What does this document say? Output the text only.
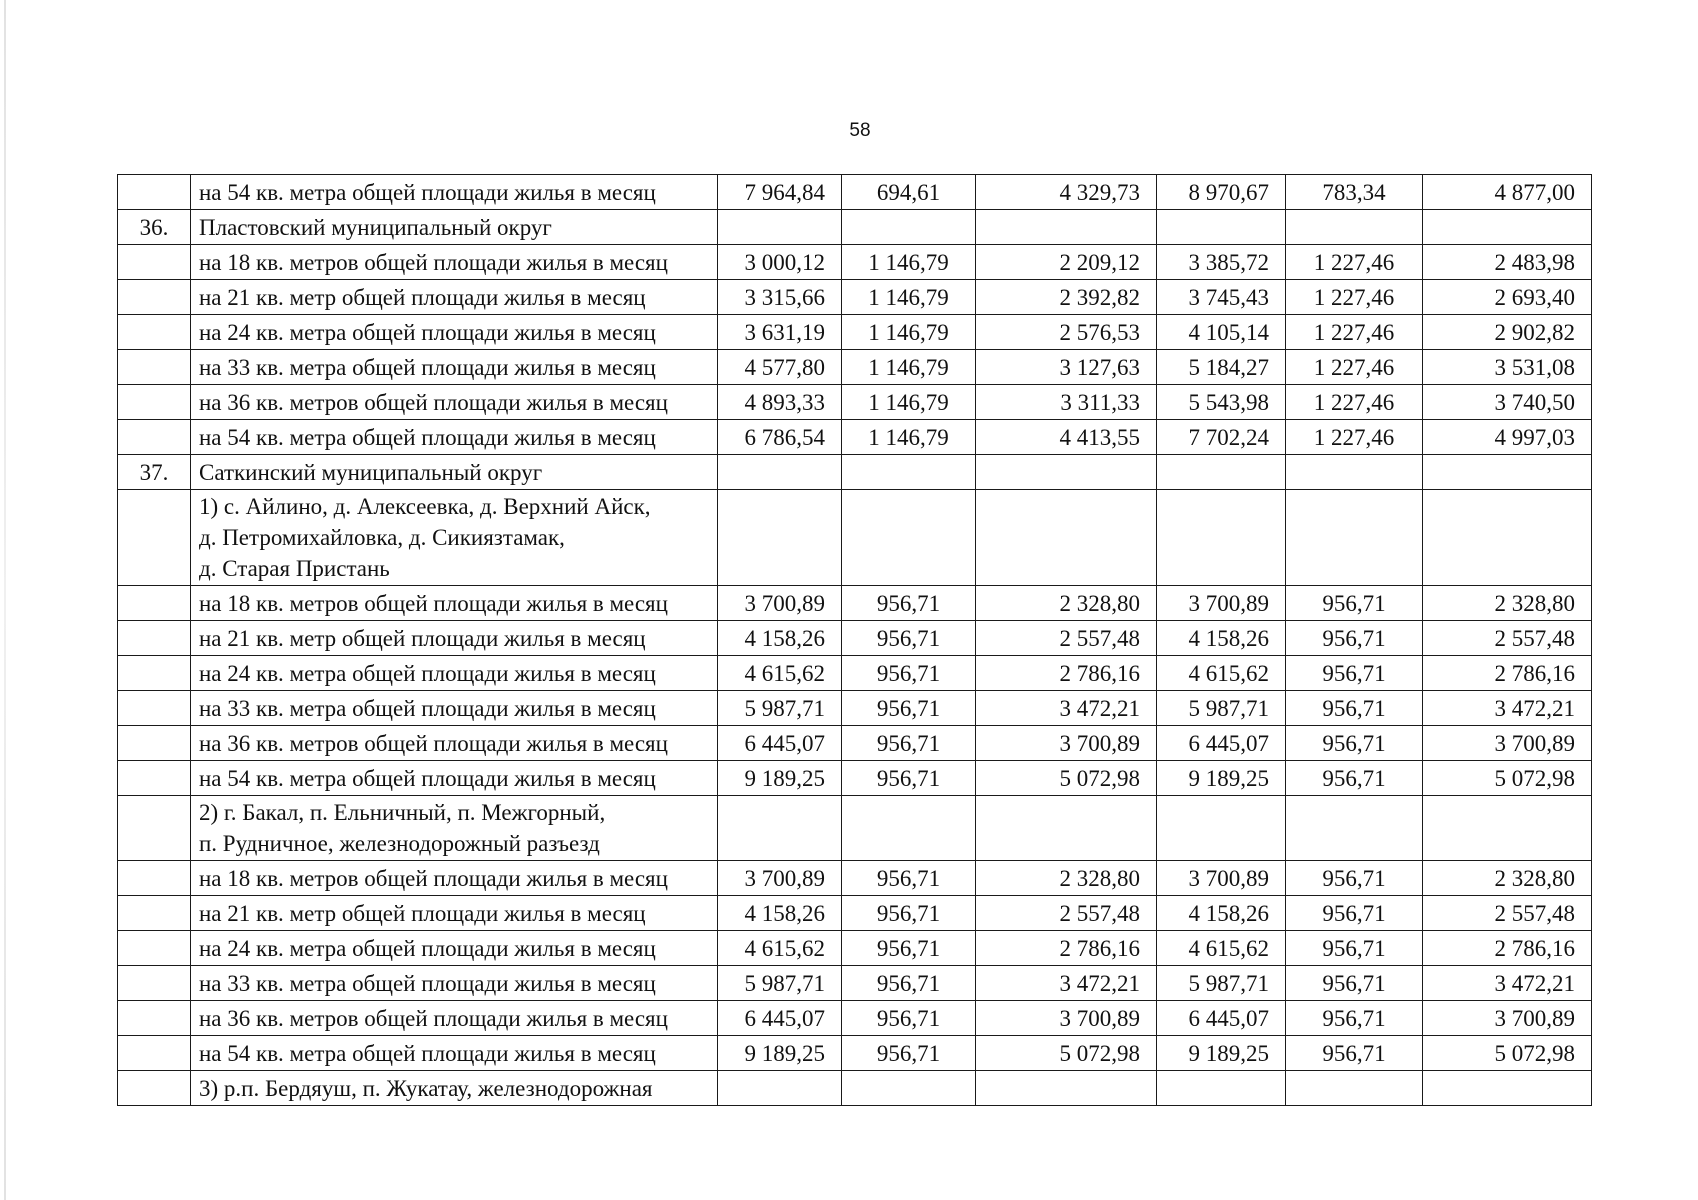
58
	на 54 кв. метра общей площади жилья в месяц	7 964,84	694,61	4 329,73	8 970,67	783,34	4 877,00
36.	Пластовский муниципальный округ						
	на 18 кв. метров общей площади жилья в месяц	3 000,12	1 146,79	2 209,12	3 385,72	1 227,46	2 483,98
	на 21 кв. метр общей площади жилья в месяц	3 315,66	1 146,79	2 392,82	3 745,43	1 227,46	2 693,40
	на 24 кв. метра общей площади жилья в месяц	3 631,19	1 146,79	2 576,53	4 105,14	1 227,46	2 902,82
	на 33 кв. метра общей площади жилья в месяц	4 577,80	1 146,79	3 127,63	5 184,27	1 227,46	3 531,08
	на 36 кв. метров общей площади жилья в месяц	4 893,33	1 146,79	3 311,33	5 543,98	1 227,46	3 740,50
	на 54 кв. метра общей площади жилья в месяц	6 786,54	1 146,79	4 413,55	7 702,24	1 227,46	4 997,03
37.	Саткинский муниципальный округ						
	1) с. Айлино, д. Алексеевка, д. Верхний Айск,
д. Петромихайловка, д. Сикиязтамак,
д. Старая Пристань						
	на 18 кв. метров общей площади жилья в месяц	3 700,89	956,71	2 328,80	3 700,89	956,71	2 328,80
	на 21 кв. метр общей площади жилья в месяц	4 158,26	956,71	2 557,48	4 158,26	956,71	2 557,48
	на 24 кв. метра общей площади жилья в месяц	4 615,62	956,71	2 786,16	4 615,62	956,71	2 786,16
	на 33 кв. метра общей площади жилья в месяц	5 987,71	956,71	3 472,21	5 987,71	956,71	3 472,21
	на 36 кв. метров общей площади жилья в месяц	6 445,07	956,71	3 700,89	6 445,07	956,71	3 700,89
	на 54 кв. метра общей площади жилья в месяц	9 189,25	956,71	5 072,98	9 189,25	956,71	5 072,98
	2) г. Бакал, п. Ельничный, п. Межгорный,
п. Рудничное, железнодорожный разъезд						
	на 18 кв. метров общей площади жилья в месяц	3 700,89	956,71	2 328,80	3 700,89	956,71	2 328,80
	на 21 кв. метр общей площади жилья в месяц	4 158,26	956,71	2 557,48	4 158,26	956,71	2 557,48
	на 24 кв. метра общей площади жилья в месяц	4 615,62	956,71	2 786,16	4 615,62	956,71	2 786,16
	на 33 кв. метра общей площади жилья в месяц	5 987,71	956,71	3 472,21	5 987,71	956,71	3 472,21
	на 36 кв. метров общей площади жилья в месяц	6 445,07	956,71	3 700,89	6 445,07	956,71	3 700,89
	на 54 кв. метра общей площади жилья в месяц	9 189,25	956,71	5 072,98	9 189,25	956,71	5 072,98
	3) р.п. Бердяуш, п. Жукатау, железнодорожная						
